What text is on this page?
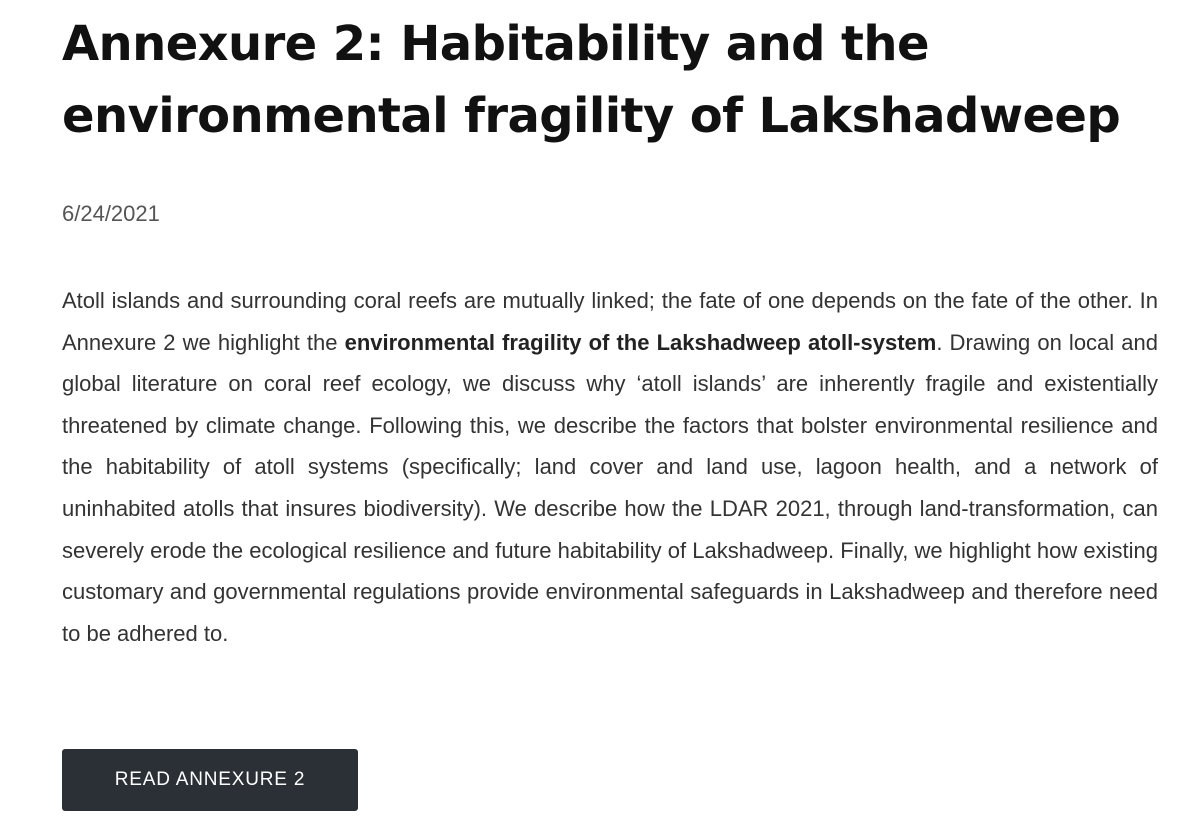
Annexure 2: Habitability and the
environmental fragility of Lakshadweep

6/24/2021

Atoll islands and surrounding coral reefs are mutually linked; the fate of one depends on the fate of the other. In Annexure 2 we highlight the environmental fragility of the Lakshadweep atoll-system. Drawing on local and global literature on coral reef ecology, we discuss why ‘atoll islands’ are inherently fragile and existentially threatened by climate change. Following this, we describe the factors that bolster environmental resilience and the habitability of atoll systems (specifically; land cover and land use, lagoon health, and a network of uninhabited atolls that insures biodiversity). We describe how the LDAR 2021, through land-transformation, can severely erode the ecological resilience and future habitability of Lakshadweep. Finally, we highlight how existing customary and governmental regulations provide environmental safeguards in Lakshadweep and therefore need to be adhered to.

READ ANNEXURE 2
